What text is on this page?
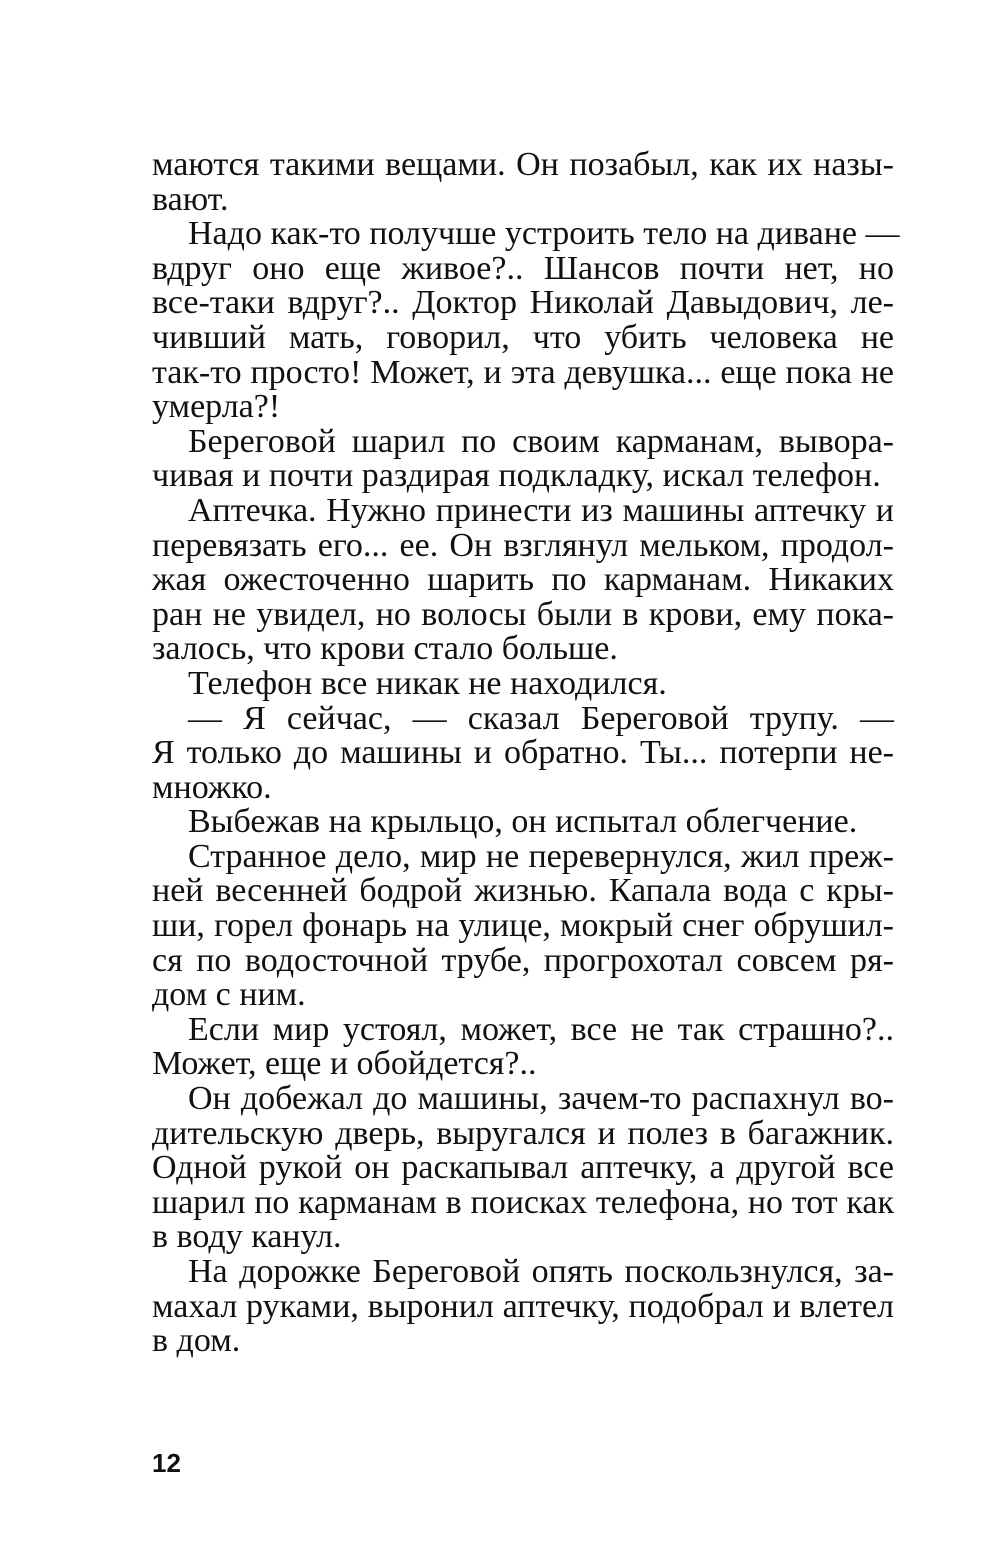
маются такими вещами. Он позабыл, как их назы-
вают.
Надо как-то получше устроить тело на диване —
вдруг оно еще живое?.. Шансов почти нет, но
все-таки вдруг?.. Доктор Николай Давыдович, ле-
чивший мать, говорил, что убить человека не
так-то просто! Может, и эта девушка... еще пока не
умерла?!
Береговой шарил по своим карманам, вывора-
чивая и почти раздирая подкладку, искал телефон.
Аптечка. Нужно принести из машины аптечку и
перевязать его... ее. Он взглянул мельком, продол-
жая ожесточенно шарить по карманам. Никаких
ран не увидел, но волосы были в крови, ему пока-
залось, что крови стало больше.
Телефон все никак не находился.
— Я сейчас, — сказал Береговой трупу. —
Я только до машины и обратно. Ты... потерпи не-
множко.
Выбежав на крыльцо, он испытал облегчение.
Странное дело, мир не перевернулся, жил преж-
ней весенней бодрой жизнью. Капала вода с кры-
ши, горел фонарь на улице, мокрый снег обрушил-
ся по водосточной трубе, прогрохотал совсем ря-
дом с ним.
Если мир устоял, может, все не так страшно?..
Может, еще и обойдется?..
Он добежал до машины, зачем-то распахнул во-
дительскую дверь, выругался и полез в багажник.
Одной рукой он раскапывал аптечку, а другой все
шарил по карманам в поисках телефона, но тот как
в воду канул.
На дорожке Береговой опять поскользнулся, за-
махал руками, выронил аптечку, подобрал и влетел
в дом.
12
